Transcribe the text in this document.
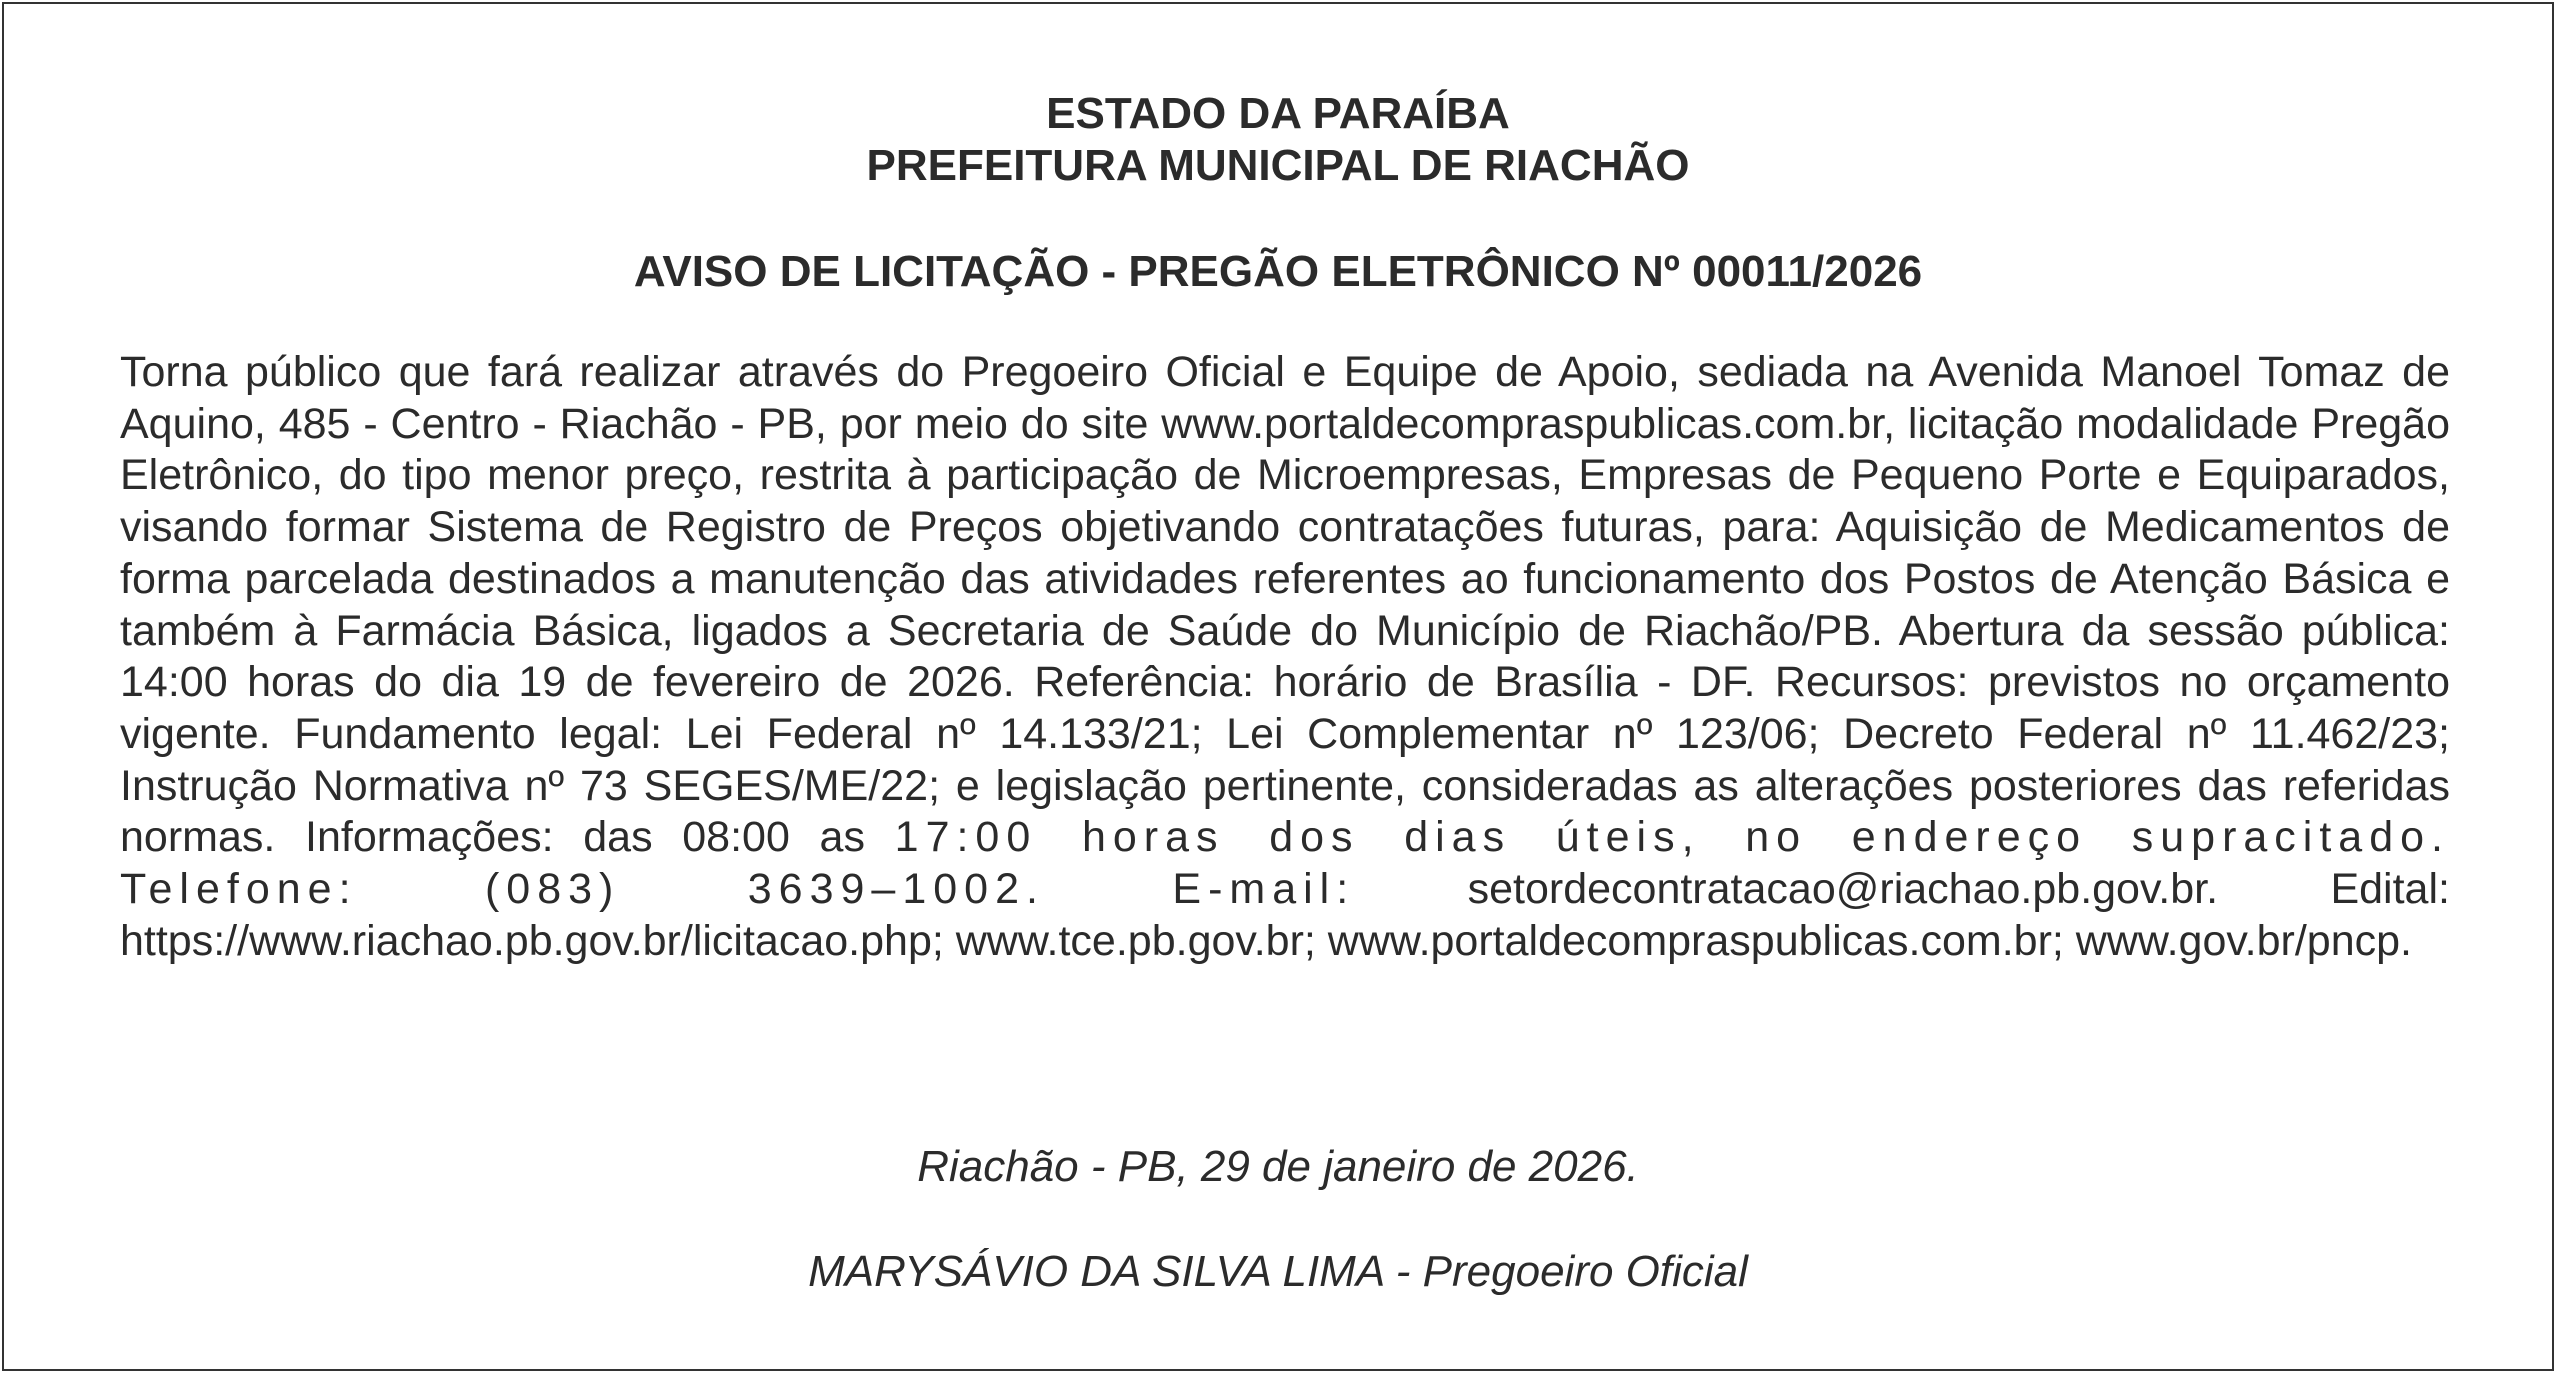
ESTADO DA PARAÍBA
PREFEITURA MUNICIPAL DE RIACHÃO
AVISO DE LICITAÇÃO - PREGÃO ELETRÔNICO Nº 00011/2026
Torna público que fará realizar através do Pregoeiro Oficial e Equipe de Apoio, sediada na Avenida Manoel Tomaz de Aquino, 485 - Centro - Riachão - PB, por meio do site www.portaldecompraspublicas.com.br, licitação modalidade Pregão Eletrônico, do tipo menor preço, restrita à participação de Microempresas, Empresas de Pequeno Porte e Equiparados, visando formar Sistema de Registro de Preços objetivando contratações futuras, para: Aquisição de Medicamentos de forma parcelada destinados a manutenção das atividades referentes ao funcionamento dos Postos de Atenção Básica e também à Farmácia Básica, ligados a Secretaria de Saúde do Município de Riachão/PB. Abertura da sessão pública: 14:00 horas do dia 19 de fevereiro de 2026. Referência: horário de Brasília - DF. Recursos: previstos no orçamento vigente. Fundamento legal: Lei Federal nº 14.133/21; Lei Complementar nº 123/06; Decreto Federal nº 11.462/23; Instrução Normativa nº 73 SEGES/ME/22; e legislação pertinente, consideradas as alterações posteriores das referidas normas. Informações: das 08:00 as 17:00 horas dos dias úteis, no endereço supracitado. Telefone: (083) 3639–1002. E-mail:	setordecontratacao@riachao.pb.gov.br. Edital: https://www.riachao.pb.gov.br/licitacao.php; www.tce.pb.gov.br; www.portaldecompraspublicas.com.br; www.gov.br/pncp.
Riachão - PB, 29 de janeiro de 2026.
MARYSÁVIO DA SILVA LIMA - Pregoeiro Oficial
